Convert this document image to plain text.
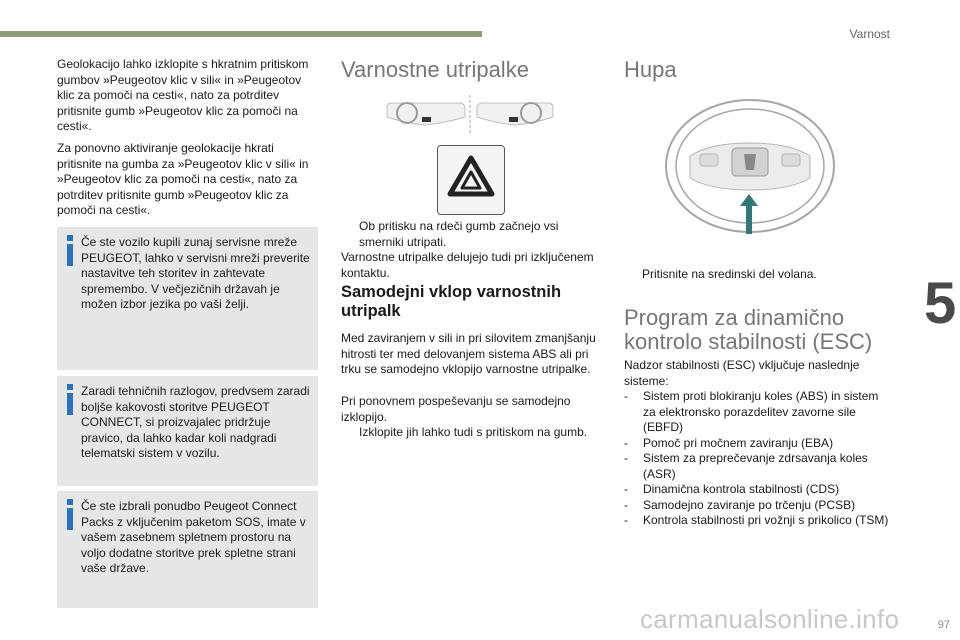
Varnost
5
Geolokacijo lahko izklopite s hkratnim pritiskom gumbov »Peugeotov klic v sili« in »Peugeotov klic za pomoči na cesti«, nato za potrditev pritisnite gumb »Peugeotov klic za pomoči na cesti«.
Za ponovno aktiviranje geolokacije hkrati pritisnite na gumba za »Peugeotov klic v sili« in »Peugeotov klic za pomoči na cesti«, nato za potrditev pritisnite gumb »Peugeotov klic za pomoči na cesti«.
Če ste vozilo kupili zunaj servisne mreže PEUGEOT, lahko v servisni mreži preverite nastavitve teh storitev in zahtevate spremembo. V večjezičnih državah je možen izbor jezika po vaši želji.
Zaradi tehničnih razlogov, predvsem zaradi boljše kakovosti storitve PEUGEOT CONNECT, si proizvajalec pridržuje pravico, da lahko kadar koli nadgradi telematski sistem v vozilu.
Če ste izbrali ponudbo Peugeot Connect Packs z vključenim paketom SOS, imate v vašem zasebnem spletnem prostoru na voljo dodatne storitve prek spletne strani vaše države.
Varnostne utripalke
Ob pritisku na rdeči gumb začnejo vsi smerniki utripati.
Varnostne utripalke delujejo tudi pri izključenem kontaktu.
Samodejni vklop varnostnih utripalk
Med zaviranjem v sili in pri silovitem zmanjšanju hitrosti ter med delovanjem sistema ABS ali pri trku se samodejno vklopijo varnostne utripalke.
Pri ponovnem pospeševanju se samodejno izklopijo.
Izklopite jih lahko tudi s pritiskom na gumb.
Hupa
Pritisnite na sredinski del volana.
Program za dinamično kontrolo stabilnosti (ESC)
Nadzor stabilnosti (ESC) vključuje naslednje sisteme:
- Sistem proti blokiranju koles (ABS) in sistem za elektronsko porazdelitev zavorne sile (EBFD)
- Pomoč pri močnem zaviranju (EBA)
- Sistem za preprečevanje zdrsavanja koles (ASR)
- Dinamična kontrola stabilnosti (CDS)
- Samodejno zaviranje po trčenju (PCSB)
- Kontrola stabilnosti pri vožnji s prikolico (TSM)
carmanualsonline.info	97
